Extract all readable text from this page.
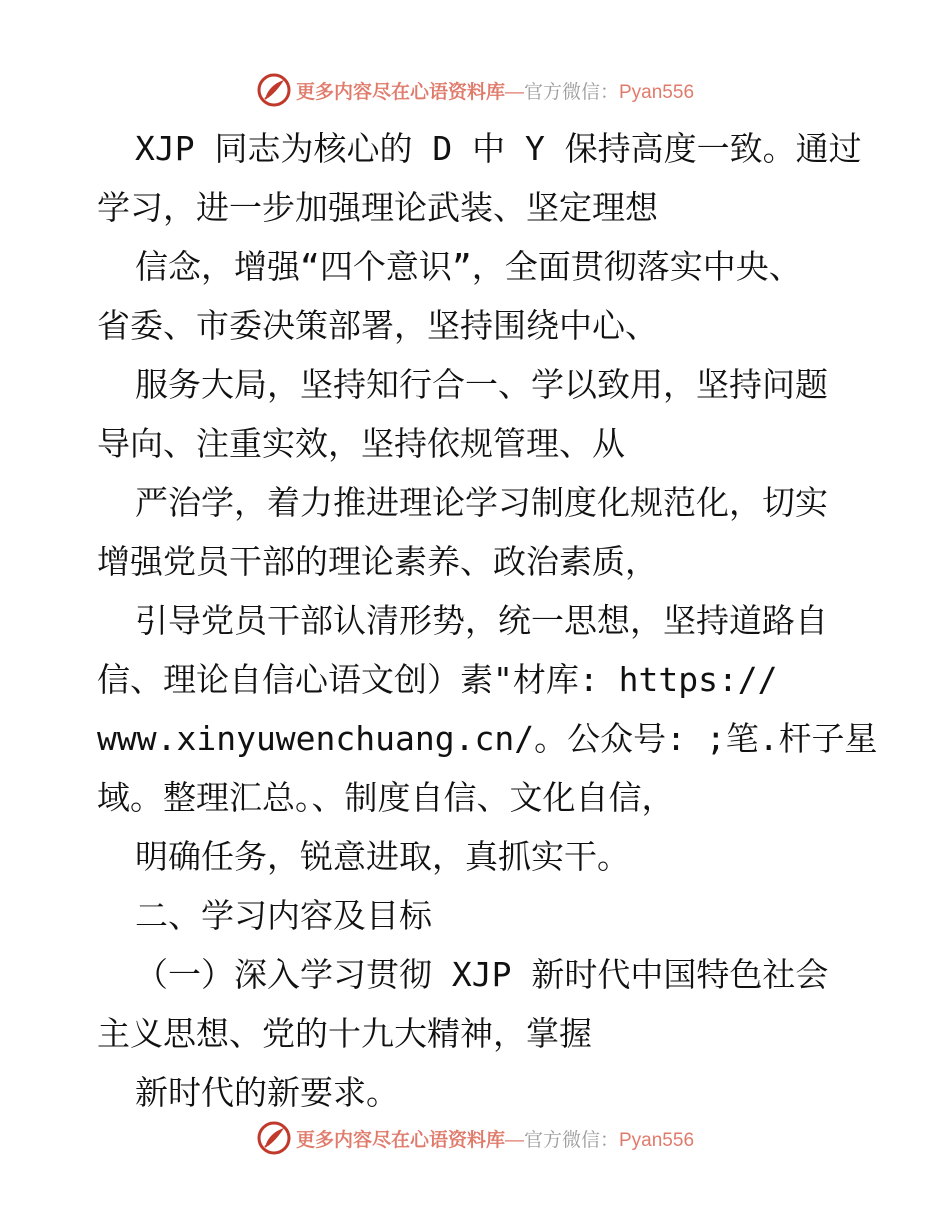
更多内容尽在心语资料库—官方微信：Pyan556
XJP 同志为核心的 D 中 Y 保持高度一致。通过
学习，进一步加强理论武装、坚定理想
信念，增强“四个意识”，全面贯彻落实中央、
省委、市委决策部署，坚持围绕中心、
服务大局，坚持知行合一、学以致用，坚持问题
导向、注重实效，坚持依规管理、从
严治学，着力推进理论学习制度化规范化，切实
增强党员干部的理论素养、政治素质，
引导党员干部认清形势，统一思想，坚持道路自
信、理论自信心语文创）素"材库: https://
www.xinyuwenchuang.cn/。公众号: ;笔.杆子星
域。整理汇总。、制度自信、文化自信，
明确任务，锐意进取，真抓实干。
二、学习内容及目标
（一）深入学习贯彻 XJP 新时代中国特色社会
主义思想、党的十九大精神，掌握
新时代的新要求。
更多内容尽在心语资料库—官方微信：Pyan556
